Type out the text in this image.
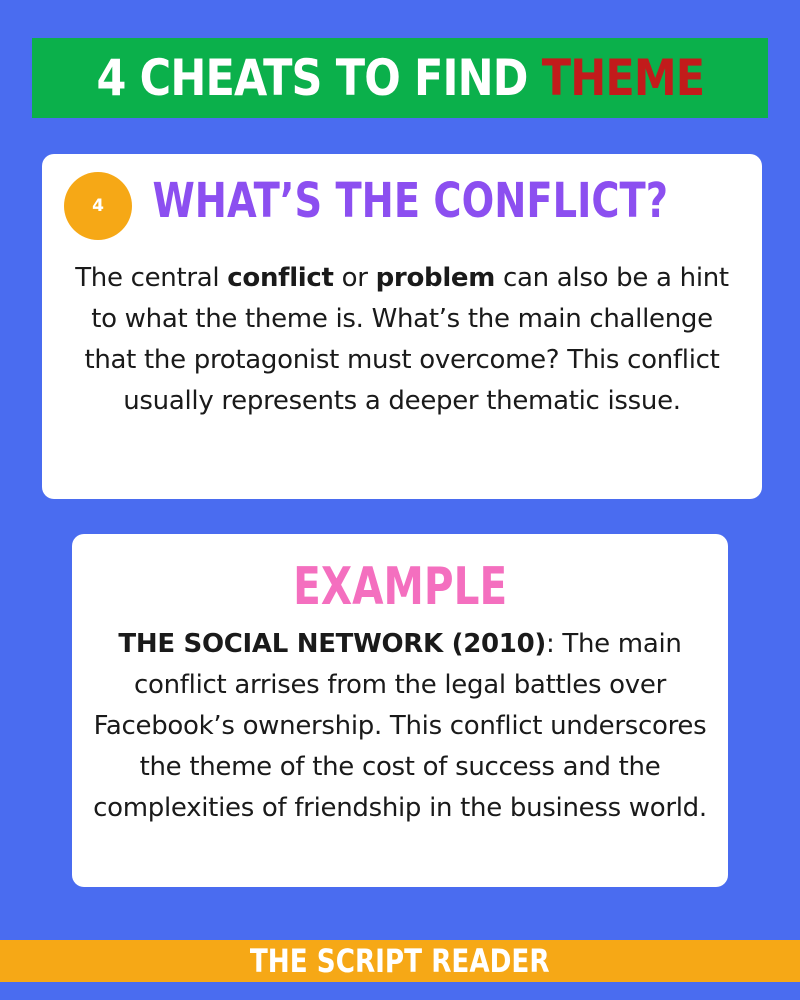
4 CHEATS TO FIND THEME
4	WHAT’S THE CONFLICT?
The central conflict or problem can also be a hint to what the theme is. What’s the main challenge that the protagonist must overcome? This conflict usually represents a deeper thematic issue.
EXAMPLE
THE SOCIAL NETWORK (2010): The main conflict arrises from the legal battles over Facebook’s ownership. This conflict underscores the theme of the cost of success and the complexities of friendship in the business world.
THE SCRIPT READER
